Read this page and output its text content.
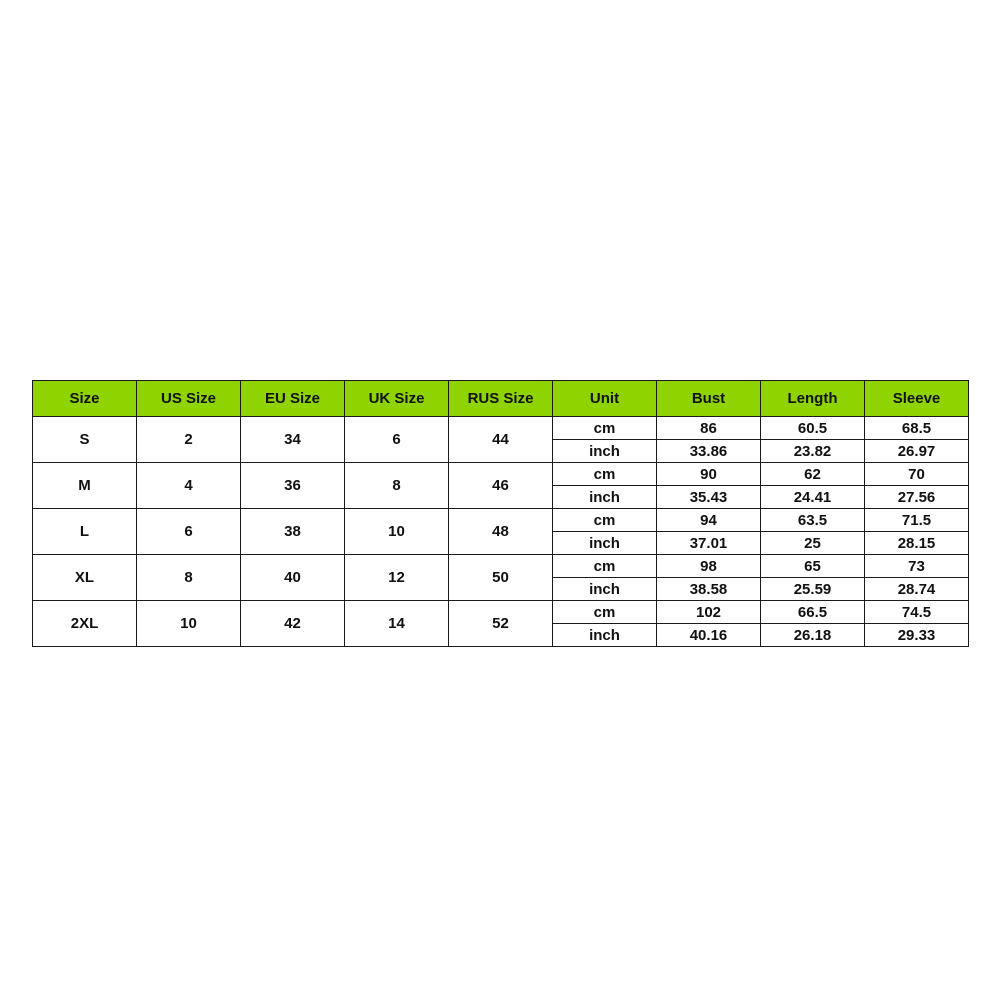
Size	US Size	EU Size	UK Size	RUS Size	Unit	Bust	Length	Sleeve
S	2	34	6	44	cm	86	60.5	68.5
					inch	33.86	23.82	26.97
M	4	36	8	46	cm	90	62	70
					inch	35.43	24.41	27.56
L	6	38	10	48	cm	94	63.5	71.5
					inch	37.01	25	28.15
XL	8	40	12	50	cm	98	65	73
					inch	38.58	25.59	28.74
2XL	10	42	14	52	cm	102	66.5	74.5
					inch	40.16	26.18	29.33
